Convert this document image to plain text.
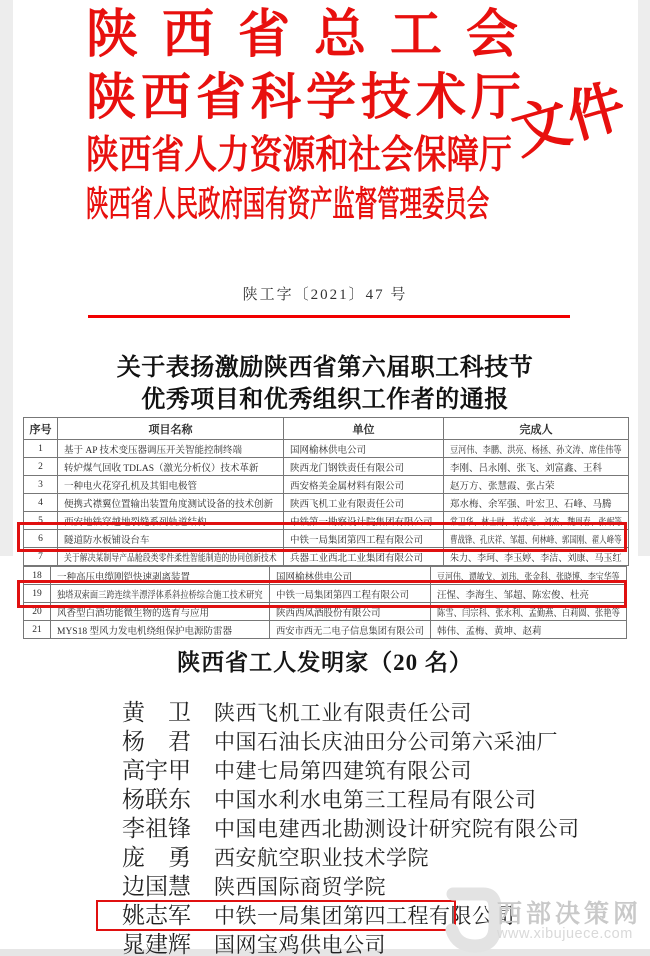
陕西省总工会
陕西省科学技术厅
陕西省人力资源和社会保障厅
陕西省人民政府国有资产监督管理委员会
文件
陕工字〔2021〕47 号
关于表扬激励陕西省第六届职工科技节
优秀项目和优秀组织工作者的通报
序号	项目名称	单位	完成人
1	基于 AP 技术变压器调压开关智能控制终端	国网榆林供电公司	豆河伟、李鹏、洪亮、杨拯、孙文涛、席佳伟等
2	转炉煤气回收 TDLAS（激光分析仪）技术革新	陕西龙门钢铁责任有限公司	李刚、吕永刚、张飞、刘富鑫、王科
3	一种电火花穿孔机及其钼电极管	西安格美金属材料有限公司	赵万方、张慧霞、张占荣
4	便携式襟翼位置输出装置角度测试设备的技术创新	陕西飞机工业有限责任公司	郑水梅、余军强、叶宏卫、石峰、马腾
5	西安地铁穿越地裂缝系列轨道结构	中铁第一勘察设计院集团有限公司	常卫华、林士财、苏成光、刘杰、魏周春、张岷等
6	隧道防水板铺设台车	中铁一局集团第四工程有限公司	曹战锋、孔庆祥、邹超、何林峰、郭国刚、翟人峰等
7	关于解决某制导产品舱段类零件柔性智能制造的协同创新技术	兵器工业西北工业集团有限公司	朱力、李珂、李玉婷、李洁、刘康、马玉红
18	一种高压电缆刚铠快速剥离装置	国网榆林供电公司	豆河伟、谭敏戈、刘玮、张金科、张晓博、李宝华等
19	独塔双索面三跨连续半漂浮体系斜拉桥综合施工技术研究	中铁一局集团第四工程有限公司	汪惺、李海生、邹超、陈宏俊、杜亮
20	风香型白酒功能微生物的选育与应用	陕西西凤酒股份有限公司	陈雪、闫宗科、张永利、孟勤燕、白莉圆、张艳等
21	MYS18 型风力发电机绕组保护电源防雷器	西安市西无二电子信息集团有限公司	韩伟、孟梅、黄坤、赵莉
陕西省工人发明家（20 名）
黄　卫 陕西飞机工业有限责任公司
杨　君 中国石油长庆油田分公司第六采油厂
高宇甲 中建七局第四建筑有限公司
杨联东 中国水利水电第三工程局有限公司
李祖锋 中国电建西北勘测设计研究院有限公司
庞　勇 西安航空职业技术学院
边国慧 陕西国际商贸学院
姚志军 中铁一局集团第四工程有限公司
晁建辉 国网宝鸡供电公司
西部决策网
www.xibujuece.com
